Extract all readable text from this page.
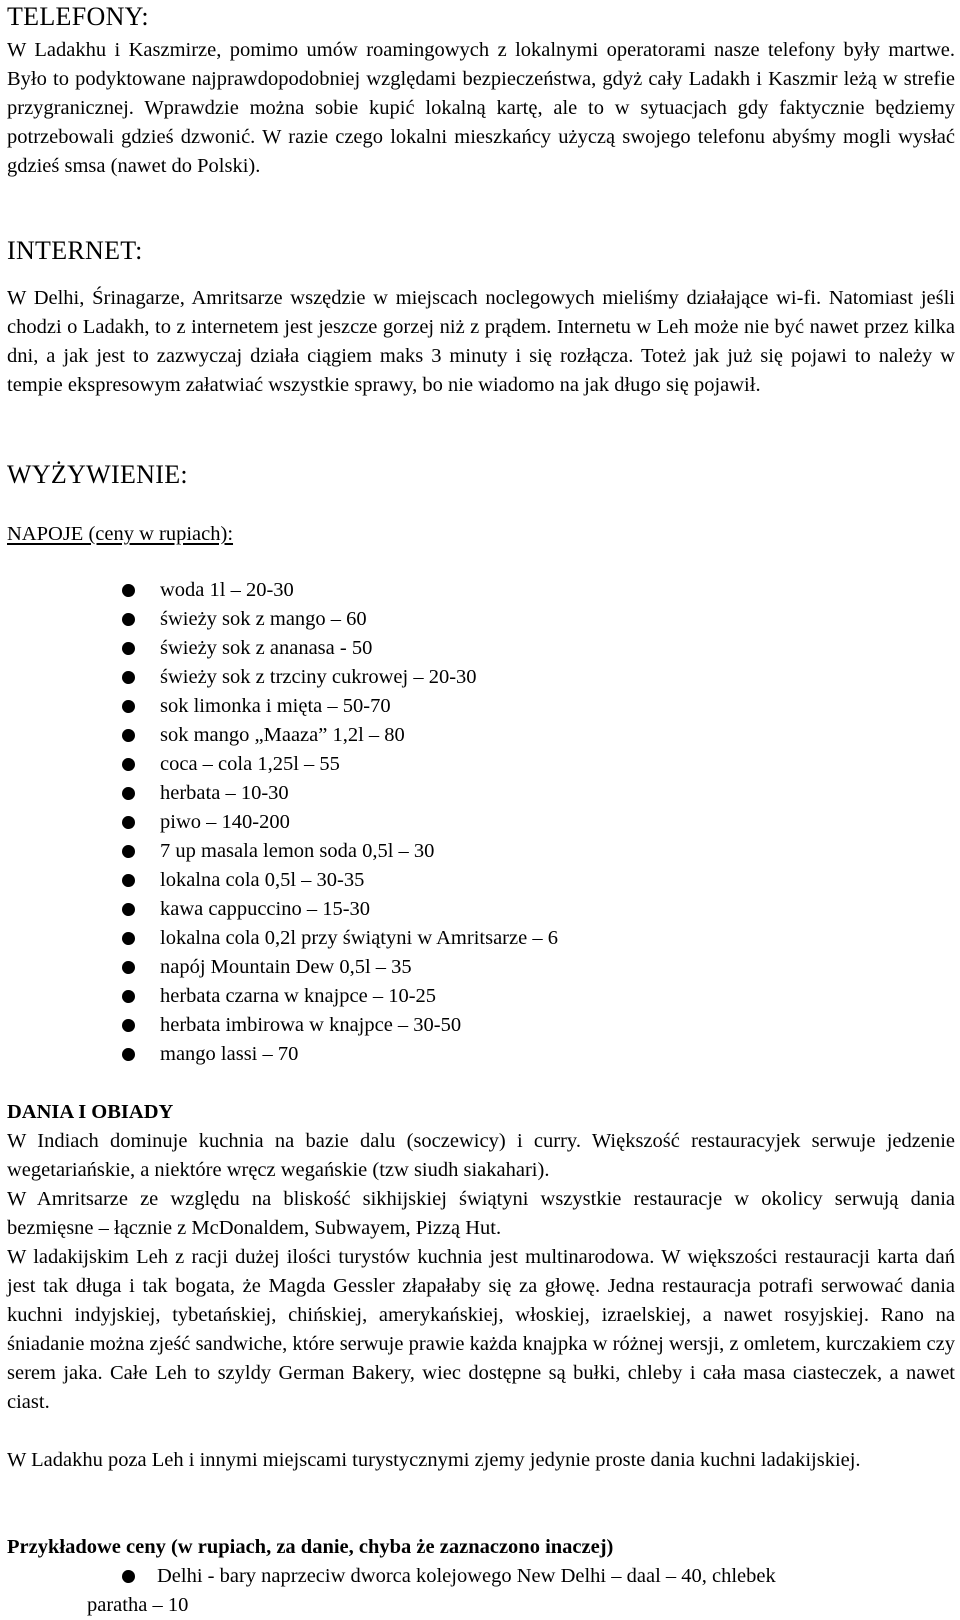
TELEFONY:

W Ladakhu i Kaszmirze, pomimo umów roamingowych z lokalnymi operatorami nasze telefony były martwe. Było to podyktowane najprawdopodobniej względami bezpieczeństwa, gdyż cały Ladakh i Kaszmir leżą w strefie przygranicznej. Wprawdzie można sobie kupić lokalną kartę, ale to w sytuacjach gdy faktycznie będziemy potrzebowali gdzieś dzwonić. W razie czego lokalni mieszkańcy użyczą swojego telefonu abyśmy mogli wysłać gdzieś smsa (nawet do Polski).

INTERNET:

W Delhi, Śrinagarze, Amritsarze wszędzie w miejscach noclegowych mieliśmy działające wi-fi. Natomiast jeśli chodzi o Ladakh, to z internetem jest jeszcze gorzej niż z prądem. Internetu w Leh może nie być nawet przez kilka dni, a jak jest to zazwyczaj działa ciągiem maks 3 minuty i się rozłącza. Toteż jak już się pojawi to należy w tempie ekspresowym załatwiać wszystkie sprawy, bo nie wiadomo na jak długo się pojawił.

WYŻYWIENIE:

NAPOJE (ceny w rupiach):

woda 1l – 20-30
świeży sok z mango – 60
świeży sok z ananasa - 50
świeży sok z trzciny cukrowej – 20-30
sok limonka i mięta – 50-70
sok mango „Maaza” 1,2l – 80
coca – cola 1,25l – 55
herbata – 10-30
piwo – 140-200
7 up masala lemon soda 0,5l – 30
lokalna cola 0,5l – 30-35
kawa cappuccino – 15-30
lokalna cola 0,2l przy świątyni w Amritsarze – 6
napój Mountain Dew 0,5l – 35
herbata czarna w knajpce – 10-25
herbata imbirowa w knajpce – 30-50
mango lassi – 70

DANIA I OBIADY

W Indiach dominuje kuchnia na bazie dalu (soczewicy) i curry. Większość restauracyjek serwuje jedzenie wegetariańskie, a niektóre wręcz wegańskie (tzw siudh siakahari).

W Amritsarze ze względu na bliskość sikhijskiej świątyni wszystkie restauracje w okolicy serwują dania bezmięsne – łącznie z McDonaldem, Subwayem, Pizzą Hut.

W ladakijskim Leh z racji dużej ilości turystów kuchnia jest multinarodowa. W większości restauracji karta dań jest tak długa i tak bogata, że Magda Gessler złapałaby się za głowę. Jedna restauracja potrafi serwować dania kuchni indyjskiej, tybetańskiej, chińskiej, amerykańskiej, włoskiej, izraelskiej, a nawet rosyjskiej. Rano na śniadanie można zjeść sandwiche, które serwuje prawie każda knajpka w różnej wersji, z omletem, kurczakiem czy serem jaka. Całe Leh to szyldy German Bakery, wiec dostępne są bułki, chleby i cała masa ciasteczek, a nawet ciast.

W Ladakhu poza Leh i innymi miejscami turystycznymi zjemy jedynie proste dania kuchni ladakijskiej.

Przykładowe ceny (w rupiach, za danie, chyba że zaznaczono inaczej)

Delhi - bary naprzeciw dworca kolejowego New Delhi – daal – 40, chlebek
paratha – 10
